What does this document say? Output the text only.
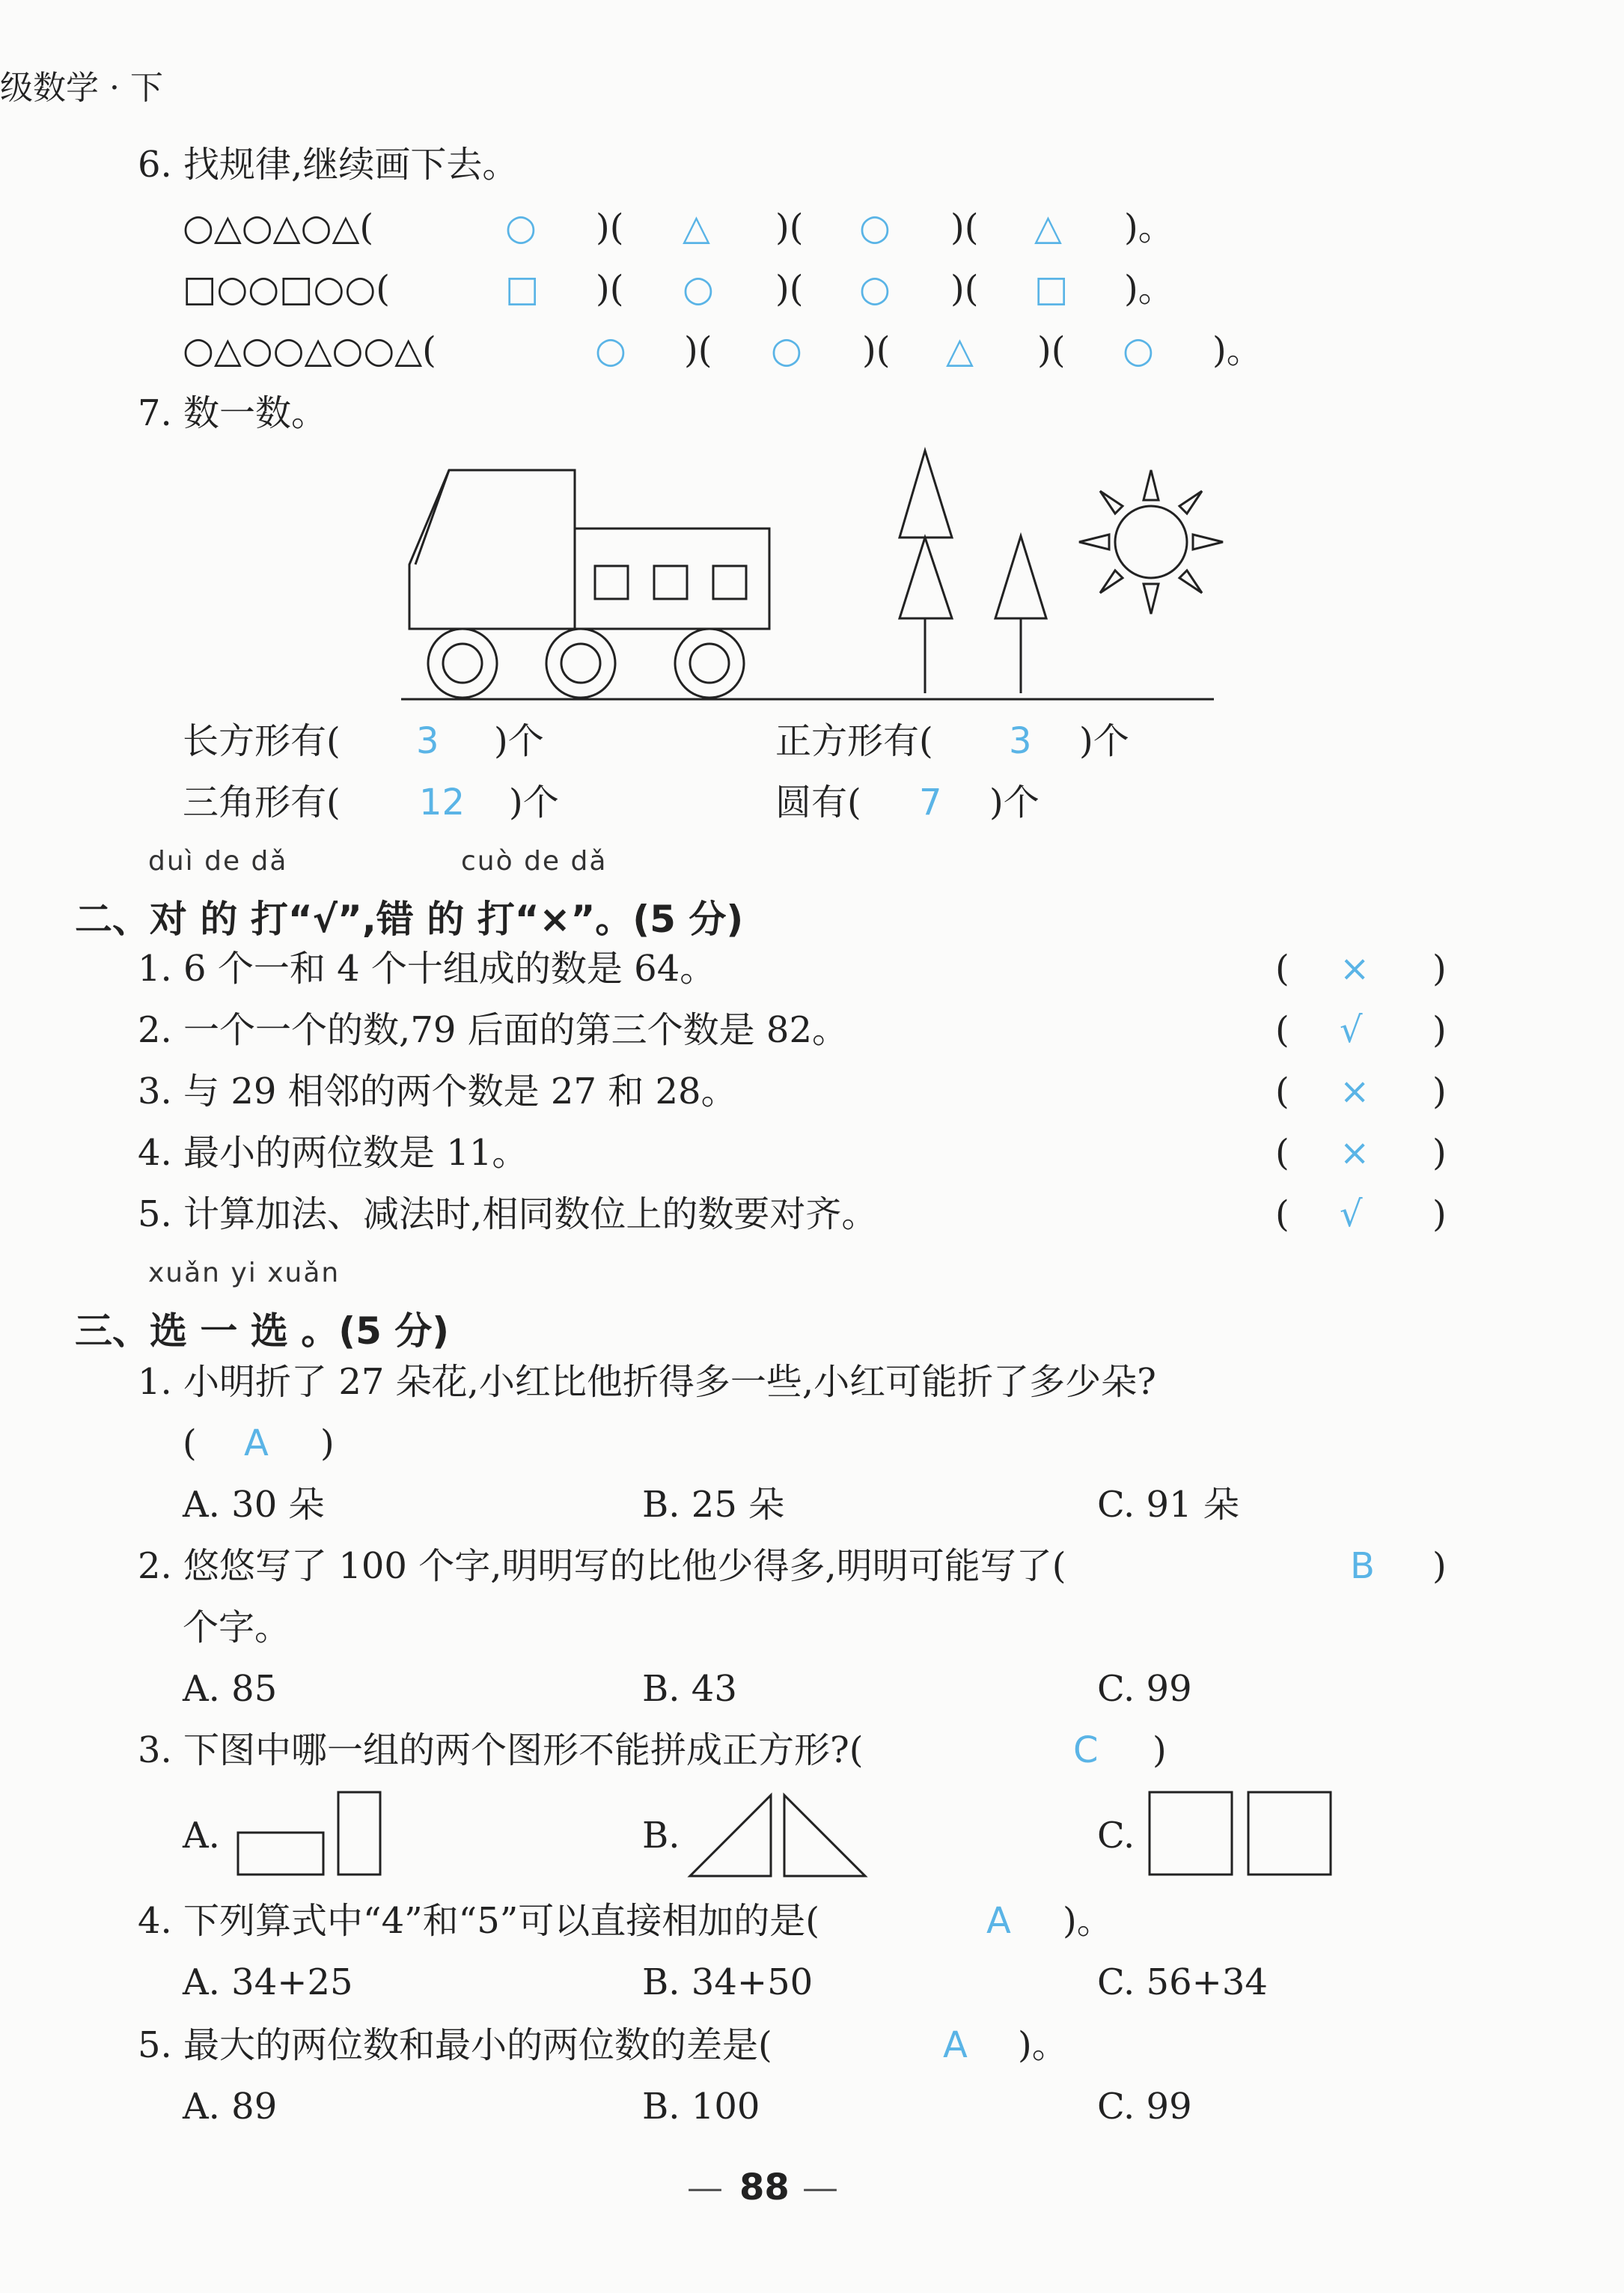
级数学 · 下
6. 找规律,继续画下去。
○△○△○△(	○ )( △ )( ○ )( △ )。
□○○□○○(	□ )( ○ )( ○ )( □ )。
○△○○△○○△(	○ )( ○ )( △ )( ○ )。
7. 数一数。
长方形有( 3 )个	正方形有( 3 )个
三角形有( 12 )个	圆有( 7 )个
duì de dǎ	cuò de dǎ
二、对 的 打“√”,错 的 打“×”。(5 分)
1. 6 个一和 4 个十组成的数是 64。	( × )
2. 一个一个的数,79 后面的第三个数是 82。	( √ )
3. 与 29 相邻的两个数是 27 和 28。	( × )
4. 最小的两位数是 11。	( × )
5. 计算加法、减法时,相同数位上的数要对齐。	( √ )
xuǎn yi xuǎn
三、选 一 选 。(5 分)
1. 小明折了 27 朵花,小红比他折得多一些,小红可能折了多少朵?
( A )
A. 30 朵	B. 25 朵	C. 91 朵
2. 悠悠写了 100 个字,明明写的比他少得多,明明可能写了(	B )
个字。
A. 85	B. 43	C. 99
3. 下图中哪一组的两个图形不能拼成正方形?(	C )
A.	B.	C.
4. 下列算式中“4”和“5”可以直接相加的是(	A )。
A. 34+25	B. 34+50	C. 56+34
5. 最大的两位数和最小的两位数的差是(	A )。
A. 89	B. 100	C. 99
— 88 —
